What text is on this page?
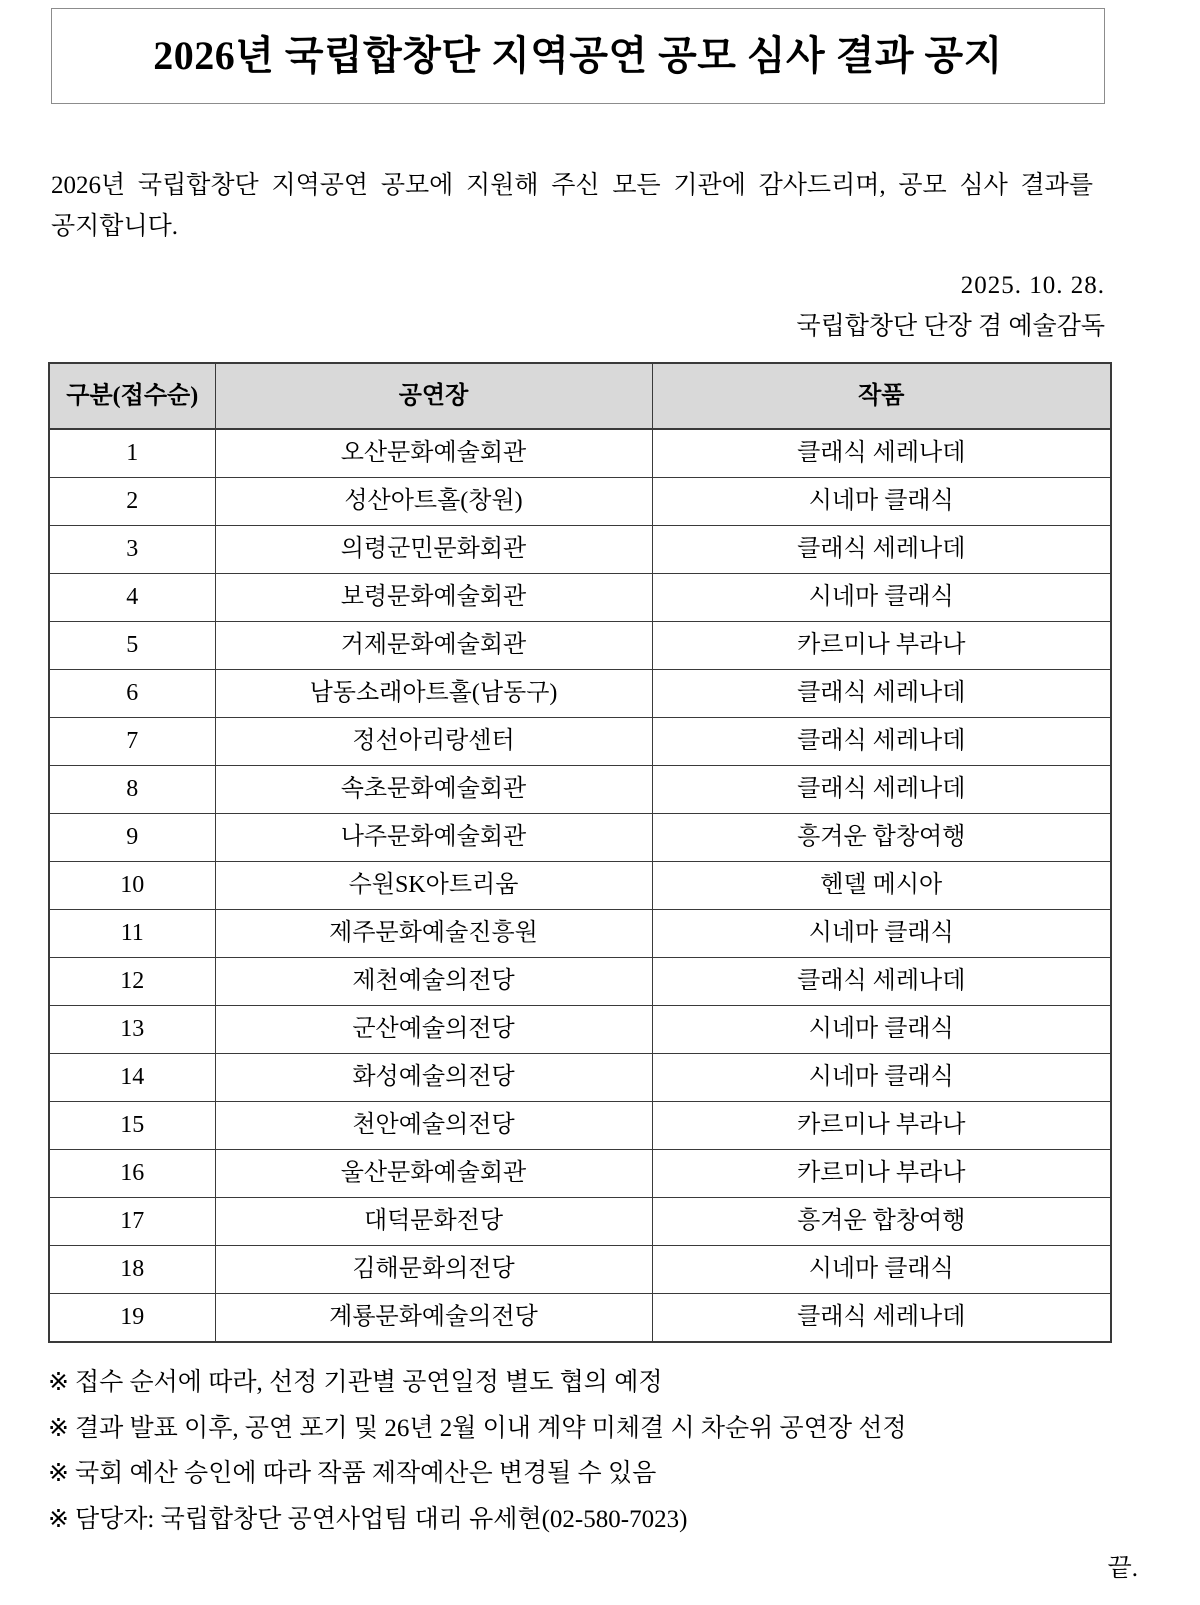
2026년 국립합창단 지역공연 공모 심사 결과 공지

2026년 국립합창단 지역공연 공모에 지원해 주신 모든 기관에 감사드리며, 공모 심사 결과를 공지합니다.

2025. 10. 28.
국립합창단 단장 겸 예술감독
구분(접수순)	공연장	작품
1	오산문화예술회관	클래식 세레나데
2	성산아트홀(창원)	시네마 클래식
3	의령군민문화회관	클래식 세레나데
4	보령문화예술회관	시네마 클래식
5	거제문화예술회관	카르미나 부라나
6	남동소래아트홀(남동구)	클래식 세레나데
7	정선아리랑센터	클래식 세레나데
8	속초문화예술회관	클래식 세레나데
9	나주문화예술회관	흥겨운 합창여행
10	수원SK아트리움	헨델 메시아
11	제주문화예술진흥원	시네마 클래식
12	제천예술의전당	클래식 세레나데
13	군산예술의전당	시네마 클래식
14	화성예술의전당	시네마 클래식
15	천안예술의전당	카르미나 부라나
16	울산문화예술회관	카르미나 부라나
17	대덕문화전당	흥겨운 합창여행
18	김해문화의전당	시네마 클래식
19	계룡문화예술의전당	클래식 세레나데
※ 접수 순서에 따라, 선정 기관별 공연일정 별도 협의 예정
※ 결과 발표 이후, 공연 포기 및 26년 2월 이내 계약 미체결 시 차순위 공연장 선정
※ 국회 예산 승인에 따라 작품 제작예산은 변경될 수 있음
※ 담당자: 국립합창단 공연사업팀 대리 유세현(02-580-7023)
끝.
